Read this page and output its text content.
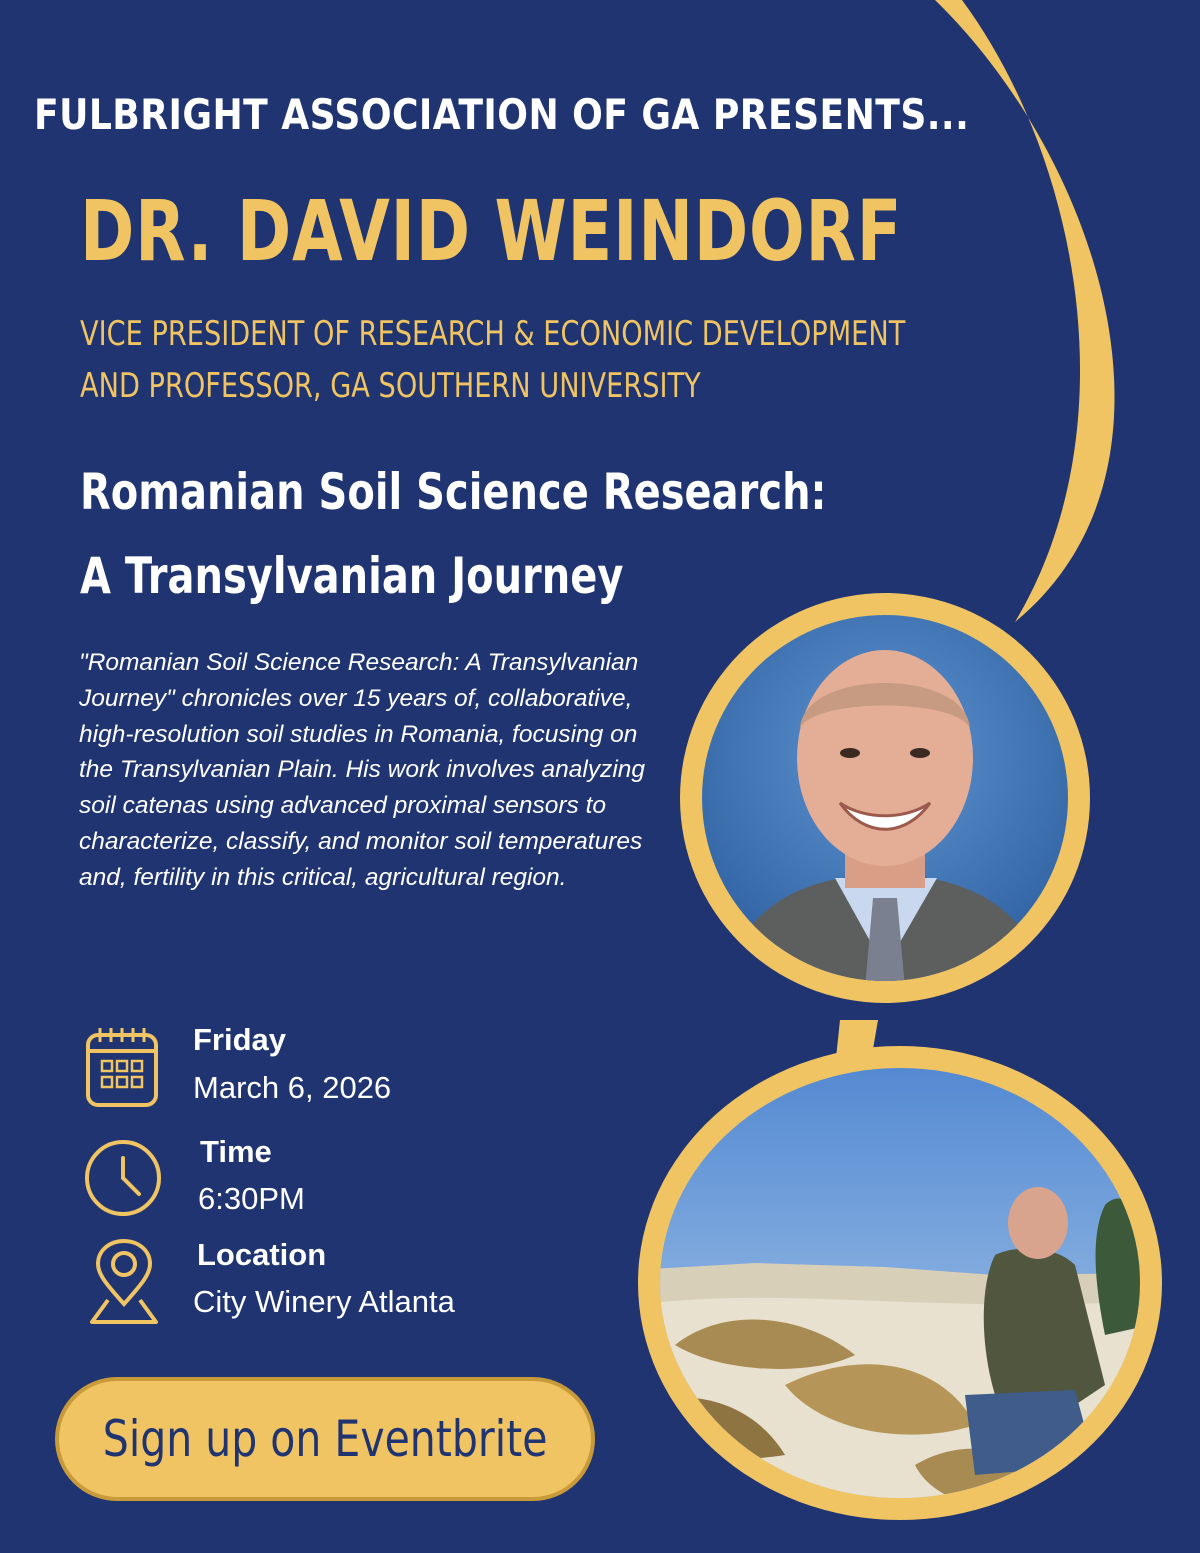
FULBRIGHT ASSOCIATION OF GA PRESENTS...
DR. DAVID WEINDORF
VICE PRESIDENT OF RESEARCH & ECONOMIC DEVELOPMENT
AND PROFESSOR, GA SOUTHERN UNIVERSITY
Romanian Soil Science Research:
A Transylvanian Journey
"Romanian Soil Science Research: A Transylvanian Journey" chronicles over 15 years of, collaborative, high-resolution soil studies in Romania, focusing on the Transylvanian Plain. His work involves analyzing soil catenas using advanced proximal sensors to characterize, classify, and monitor soil temperatures and, fertility in this critical, agricultural region.
Friday
March 6, 2026
Time
6:30PM
Location
City Winery Atlanta
Sign up on Eventbrite
